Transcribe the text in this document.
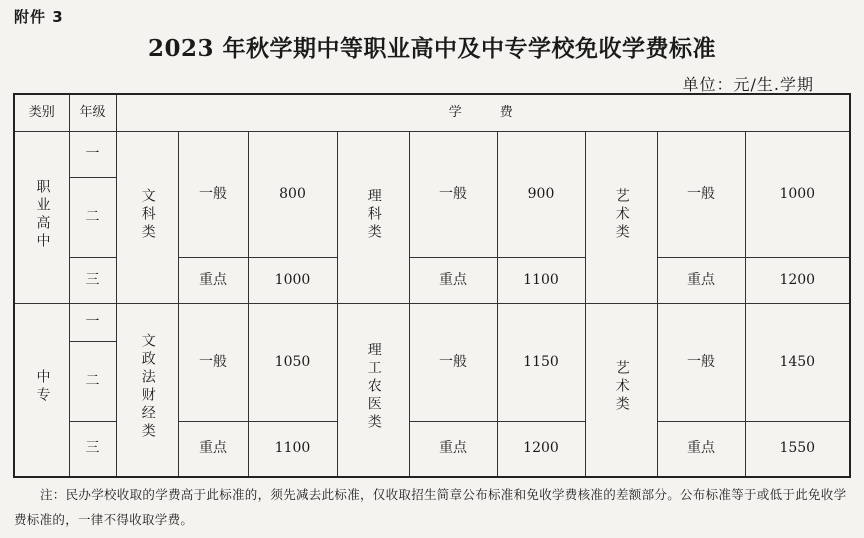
附件 3
2023 年秋学期中等职业高中及中专学校免收学费标准
单位：元/生.学期
类别	年级	学　　费								
职业高中	一	文科类	一般	800	理科类	一般	900	艺术类	一般	1000
	二									
	三		重点	1000		重点	1100		重点	1200
中专	一	文政法财经类	一般	1050	理工农医类	一般	1150	艺术类	一般	1450
	二									
	三		重点	1100		重点	1200		重点	1550
注：民办学校收取的学费高于此标准的，须先减去此标准，仅收取招生简章公布标准和免收学费核准的差额部分。公布标准等于或低于此免收学费标准的，一律不得收取学费。
